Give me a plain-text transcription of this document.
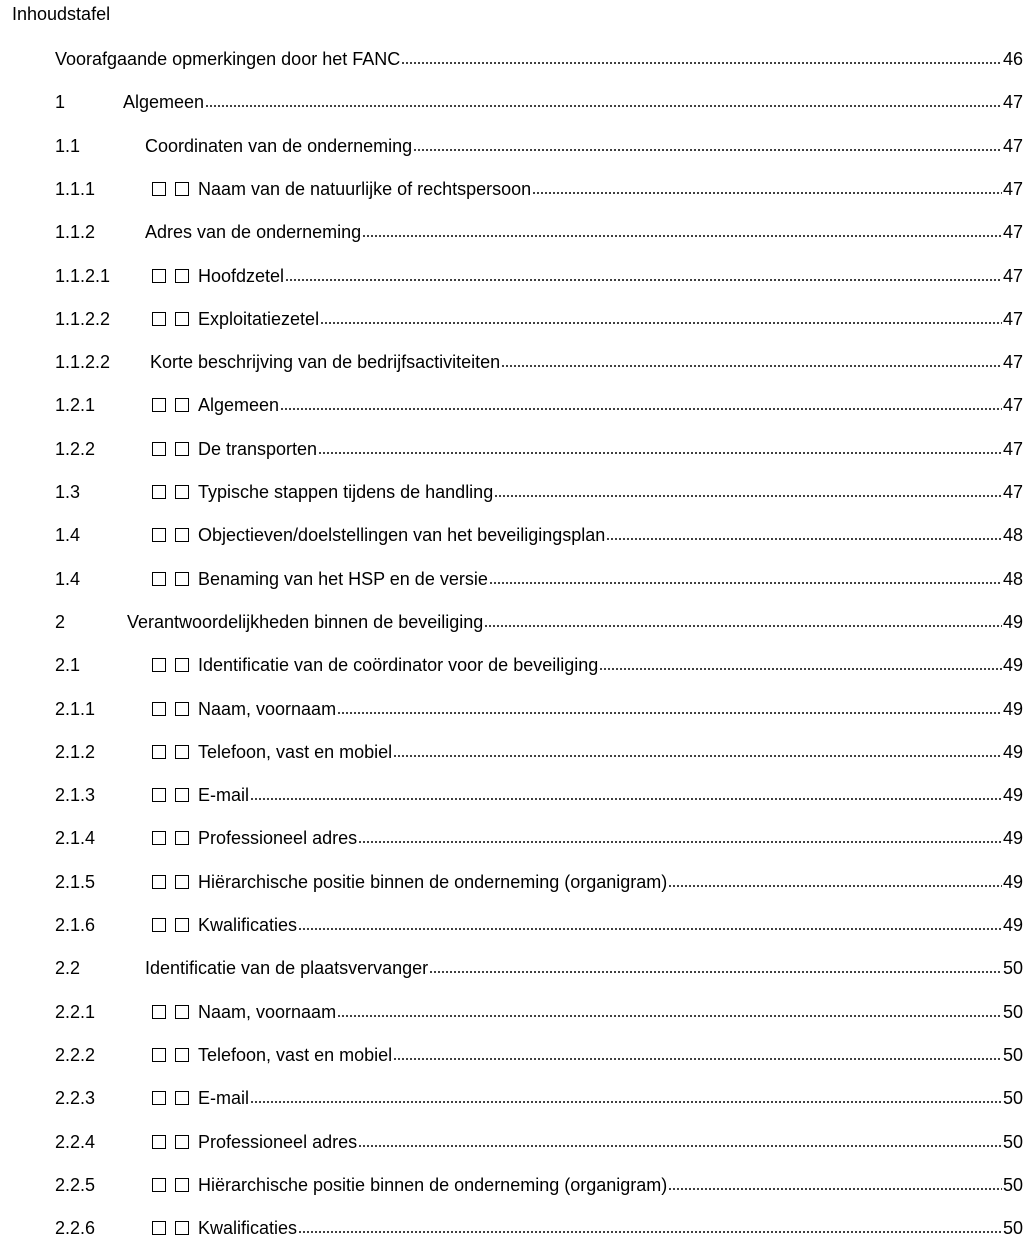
Inhoudstafel
Voorafgaande opmerkingen door het FANC	46
1	Algemeen	47
1.1	Coordinaten van de onderneming	47
1.1.1	Naam van de natuurlijke of rechtspersoon	47
1.1.2	Adres van de onderneming	47
1.1.2.1	Hoofdzetel	47
1.1.2.2	Exploitatiezetel	47
1.1.2.2	Korte beschrijving van de bedrijfsactiviteiten	47
1.2.1	Algemeen	47
1.2.2	De transporten	47
1.3	Typische stappen tijdens de handling	47
1.4	Objectieven/doelstellingen van het beveiligingsplan	48
1.4	Benaming van het HSP en de versie	48
2	Verantwoordelijkheden binnen de beveiliging	49
2.1	Identificatie van de coördinator voor de beveiliging	49
2.1.1	Naam, voornaam	49
2.1.2	Telefoon, vast en mobiel	49
2.1.3	E-mail	49
2.1.4	Professioneel adres	49
2.1.5	Hiërarchische positie binnen de onderneming (organigram)	49
2.1.6	Kwalificaties	49
2.2	Identificatie van de plaatsvervanger	50
2.2.1	Naam, voornaam	50
2.2.2	Telefoon, vast en mobiel	50
2.2.3	E-mail	50
2.2.4	Professioneel adres	50
2.2.5	Hiërarchische positie binnen de onderneming (organigram)	50
2.2.6	Kwalificaties	50
